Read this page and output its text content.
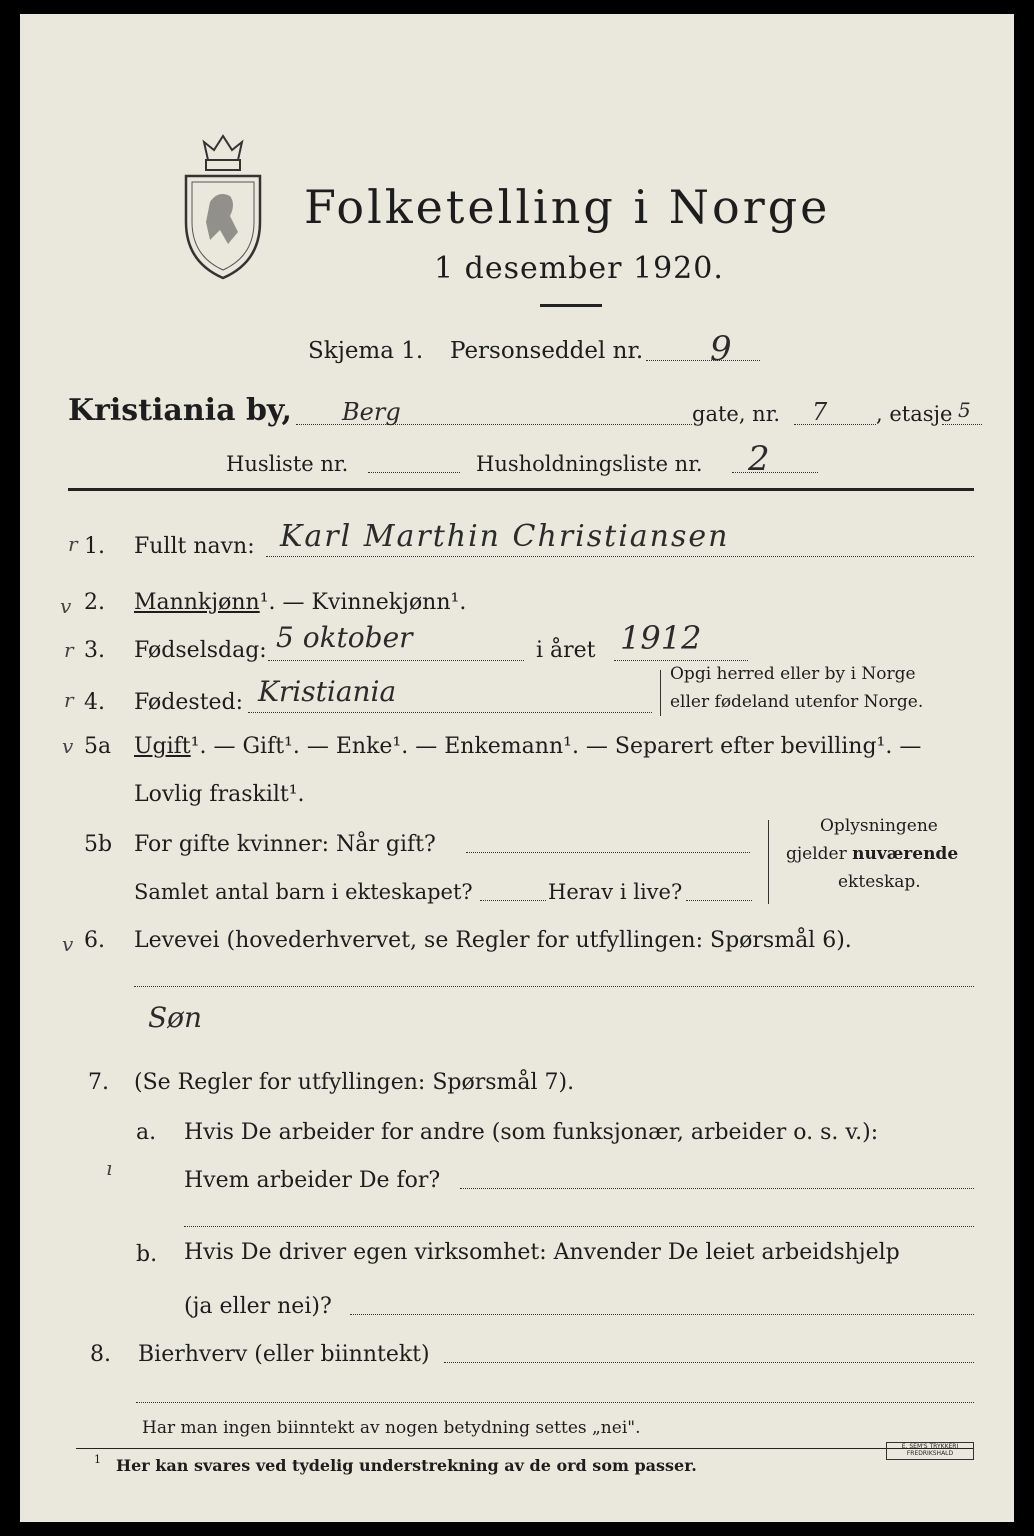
Folketelling i Norge
1 desember 1920.
Skjema 1. Personseddel nr. 9
Kristiania by, Berg	gate, nr. 7 , etasje 5
Husliste nr.	Husholdningsliste nr. 2
r 1. Fullt navn: Karl Marthin Christiansen
v 2. Mannkjønn¹. — Kvinnekjønn¹.
r 3. Fødselsdag: 5 oktober	i året 1912
r 4. Fødested: Kristiania
Opgi herred eller by i Norge
eller fødeland utenfor Norge.
v 5a Ugift¹. — Gift¹. — Enke¹. — Enkemann¹. — Separert efter bevilling¹. —
Lovlig fraskilt¹.
5b For gifte kvinner: Når gift?
Samlet antal barn i ekteskapet?	Herav i live?
Oplysningene
gjelder nuværende
ekteskap.
v 6. Levevei (hovederhvervet, se Regler for utfyllingen: Spørsmål 6).
Søn
7. (Se Regler for utfyllingen: Spørsmål 7).
a. Hvis De arbeider for andre (som funksjonær, arbeider o. s. v.):
ı	Hvem arbeider De for?
b. Hvis De driver egen virksomhet: Anvender De leiet arbeidshjelp
(ja eller nei)?
8. Bierhverv (eller biinntekt)
Har man ingen biinntekt av nogen betydning settes „nei".
1 Her kan svares ved tydelig understrekning av de ord som passer.
E. SEM'S TRYKKERI FREDRIKSHALD
